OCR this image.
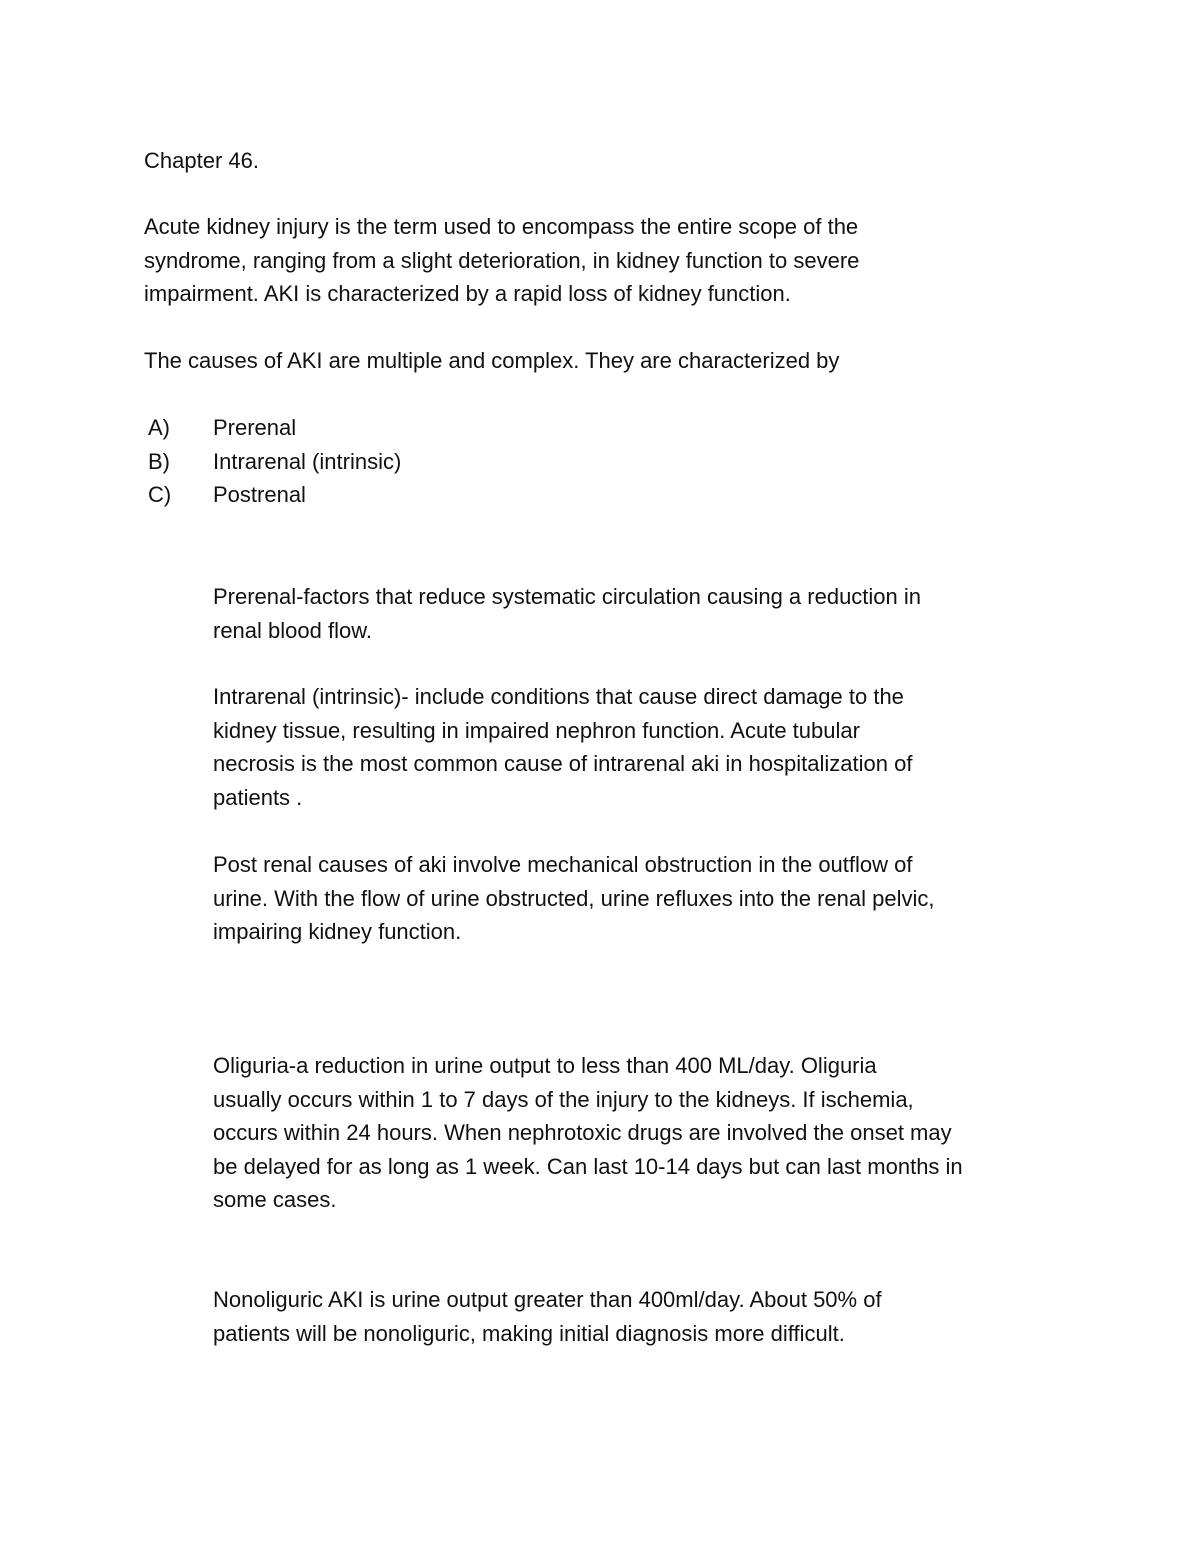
Chapter 46.

Acute kidney injury is the term used to encompass the entire scope of the
syndrome, ranging from a slight deterioration, in kidney function to severe
impairment. AKI is characterized by a rapid loss of kidney function.

The causes of AKI are multiple and complex. They are characterized by

A)	Prerenal
B)	Intrarenal (intrinsic)
C)	Postrenal

Prerenal-factors that reduce systematic circulation causing a reduction in
renal blood flow.

Intrarenal (intrinsic)- include conditions that cause direct damage to the
kidney tissue, resulting in impaired nephron function. Acute tubular
necrosis is the most common cause of intrarenal aki in hospitalization of
patients .

Post renal causes of aki involve mechanical obstruction in the outflow of
urine. With the flow of urine obstructed, urine refluxes into the renal pelvic,
impairing kidney function.

Oliguria-a reduction in urine output to less than 400 ML/day. Oliguria
usually occurs within 1 to 7 days of the injury to the kidneys. If ischemia,
occurs within 24 hours. When nephrotoxic drugs are involved the onset may
be delayed for as long as 1 week. Can last 10-14 days but can last months in
some cases.

Nonoliguric AKI is urine output greater than 400ml/day. About 50% of
patients will be nonoliguric, making initial diagnosis more difficult.
